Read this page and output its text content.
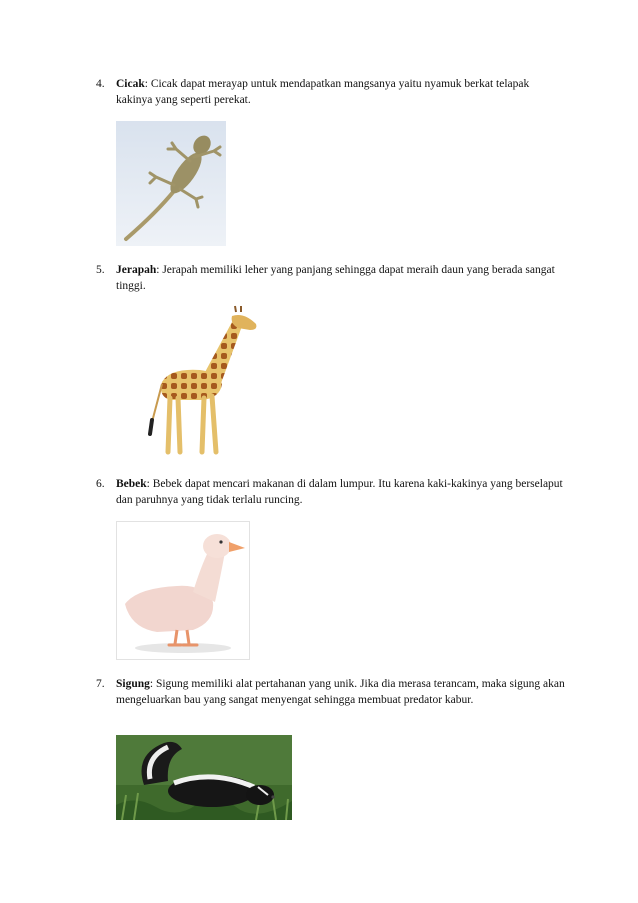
4. Cicak: Cicak dapat merayap untuk mendapatkan mangsanya yaitu nyamuk berkat telapak kakinya yang seperti perekat.
5. Jerapah: Jerapah memiliki leher yang panjang sehingga dapat meraih daun yang berada sangat tinggi.
6. Bebek: Bebek dapat mencari makanan di dalam lumpur. Itu karena kaki-kakinya yang berselaput dan paruhnya yang tidak terlalu runcing.
7. Sigung: Sigung memiliki alat pertahanan yang unik. Jika dia merasa terancam, maka sigung akan mengeluarkan bau yang sangat menyengat sehingga membuat predator kabur.
